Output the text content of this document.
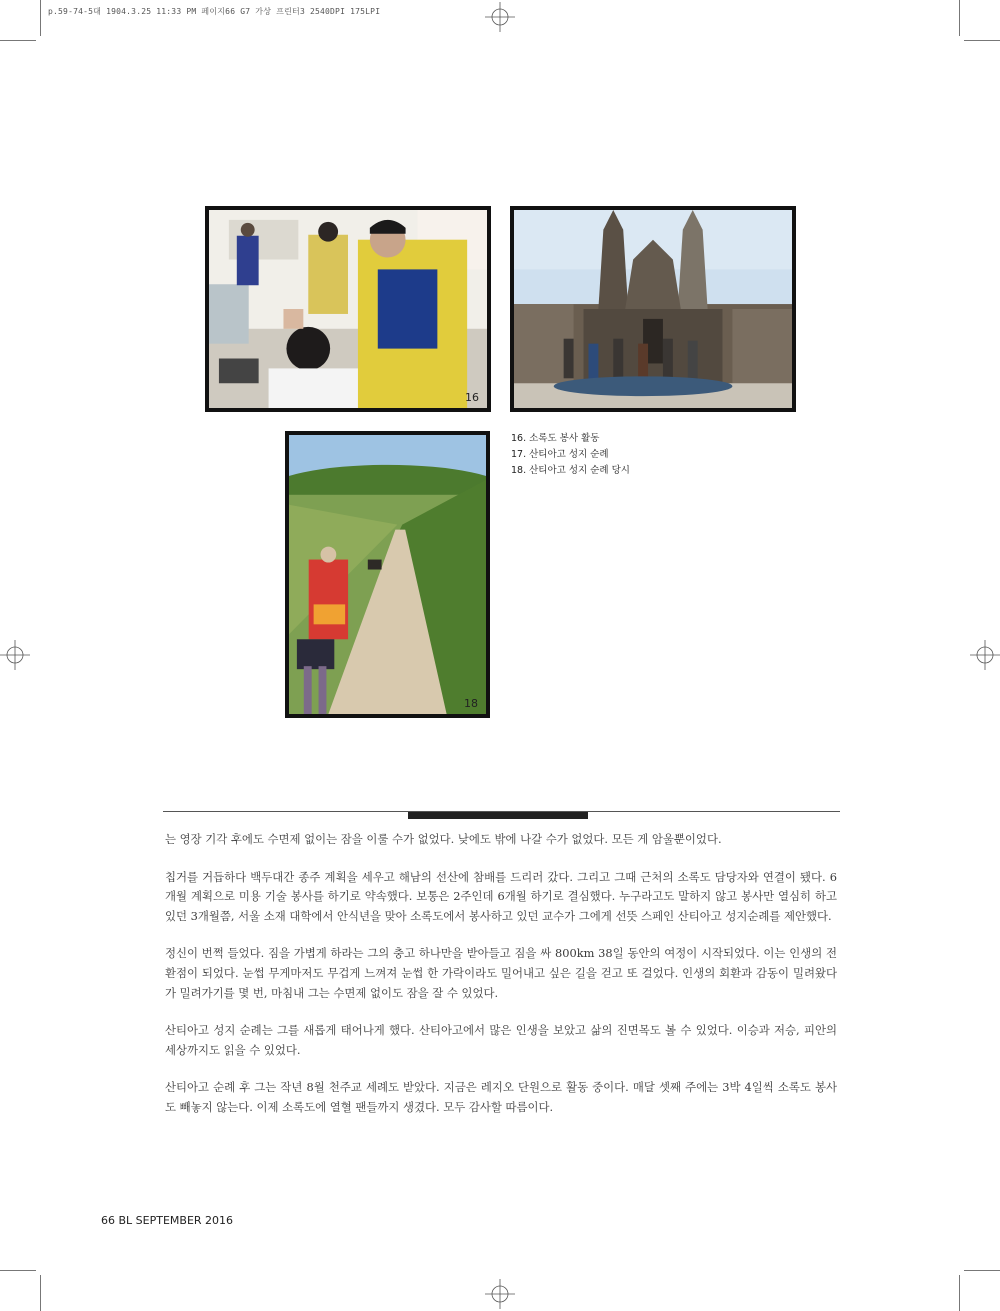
p.59-74-5대 1904.3.25 11:33 PM 페이지66 G7 가상 프린터3 2540DPI 175LPI
16
18
16. 소록도 봉사 활동
17. 산티아고 성지 순례
18. 산티아고 성지 순례 당시

는 영장 기각 후에도 수면제 없이는 잠을 이룰 수가 없었다. 낮에도 밖에 나갈 수가 없었다. 모든 게 암울뿐이었다.

칩거를 거듭하다 백두대간 종주 계획을 세우고 해남의 선산에 참배를 드리러 갔다. 그리고 그때 근처의 소록도 담당자와 연결이 됐다. 6개월 계획으로 미용 기술 봉사를 하기로 약속했다. 보통은 2주인데 6개월 하기로 결심했다. 누구라고도 말하지 않고 봉사만 열심히 하고 있던 3개월쯤, 서울 소재 대학에서 안식년을 맞아 소록도에서 봉사하고 있던 교수가 그에게 선뜻 스페인 산티아고 성지순례를 제안했다.

정신이 번쩍 들었다. 짐을 가볍게 하라는 그의 충고 하나만을 받아들고 짐을 싸 800km 38일 동안의 여정이 시작되었다. 이는 인생의 전환점이 되었다. 눈썹 무게마저도 무겁게 느껴져 눈썹 한 가락이라도 밀어내고 싶은 길을 걷고 또 걸었다. 인생의 회환과 감동이 밀려왔다가 밀려가기를 몇 번, 마침내 그는 수면제 없이도 잠을 잘 수 있었다.

산티아고 성지 순례는 그를 새롭게 태어나게 했다. 산티아고에서 많은 인생을 보았고 삶의 진면목도 볼 수 있었다. 이승과 저승, 피안의 세상까지도 읽을 수 있었다.

산티아고 순례 후 그는 작년 8월 천주교 세례도 받았다. 지금은 레지오 단원으로 활동 중이다. 매달 셋째 주에는 3박 4일씩 소록도 봉사도 빼놓지 않는다. 이제 소록도에 열혈 팬들까지 생겼다. 모두 감사할 따름이다.

66 BL SEPTEMBER 2016
